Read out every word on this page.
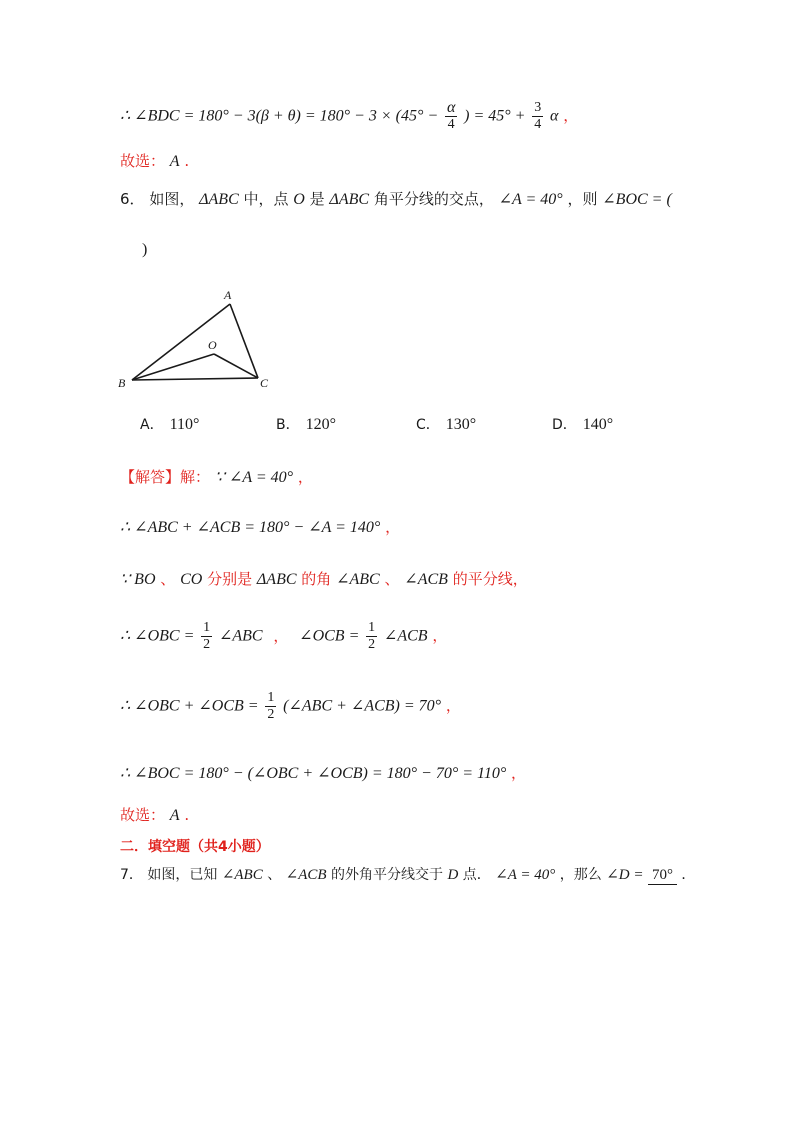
∴ ∠BDC = $180^\circ - 3(\beta + \theta) = 180^\circ - 3 \times (45^\circ - \frac{\alpha}{4}$ ) = $45^\circ + \frac{3}{4}$ α ，
故选： A .
6． 如图， ΔABC 中，点 O 是 ΔABC 角平分线的交点， ∠A = 40° ，则 ∠BOC = (
)
A
O
B	C
A． 110°	B． 120°	C． 130°	D． 140°
【解答】解： ∵ ∠A = 40° ，
∴ ∠ABC + ∠ACB = 180° − ∠A = 140° ，
∵ BO 、 CO 分别是 ΔABC 的角 ∠ABC 、 ∠ACB 的平分线，
∴ ∠OBC = $\frac{1}{2}$ ∠ABC ， ∠OCB = $\frac{1}{2}$ ∠ACB ，
∴ ∠OBC + ∠OCB = $\frac{1}{2}$ (∠ABC + ∠ACB) = 70° ，
∴ ∠BOC = 180° − (∠OBC + ∠OCB) = 180° − 70° = 110° ，
故选： A .
二．填空题（共4小题）
7． 如图，已知 ∠ABC 、 ∠ACB 的外角平分线交于 D 点． ∠A = 40° ，那么 ∠D = 70° ．
